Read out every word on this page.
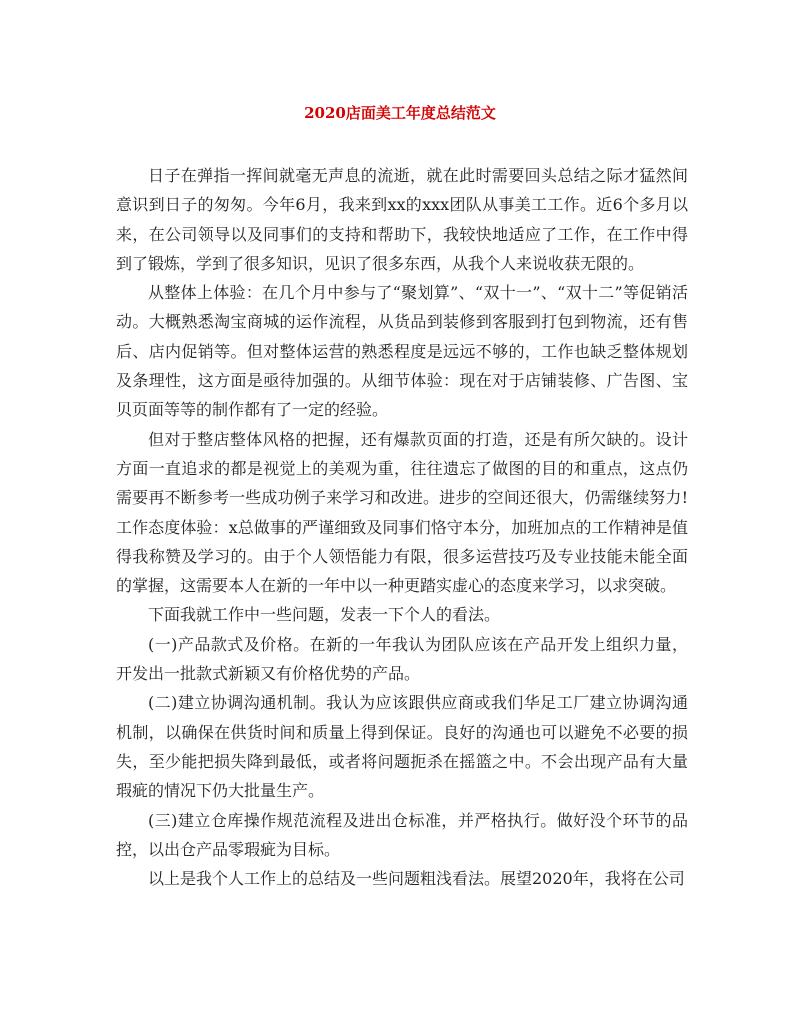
2020店面美工年度总结范文

日子在弹指一挥间就毫无声息的流逝，就在此时需要回头总结之际才猛然间意识到日子的匆匆。今年6月，我来到xx的xxx团队从事美工工作。近6个多月以来，在公司领导以及同事们的支持和帮助下，我较快地适应了工作，在工作中得到了锻炼，学到了很多知识，见识了很多东西，从我个人来说收获无限的。

从整体上体验：在几个月中参与了“聚划算”、“双十一”、“双十二”等促销活动。大概熟悉淘宝商城的运作流程，从货品到装修到客服到打包到物流，还有售后、店内促销等。但对整体运营的熟悉程度是远远不够的，工作也缺乏整体规划及条理性，这方面是亟待加强的。从细节体验：现在对于店铺装修、广告图、宝贝页面等等的制作都有了一定的经验。

但对于整店整体风格的把握，还有爆款页面的打造，还是有所欠缺的。设计方面一直追求的都是视觉上的美观为重，往往遗忘了做图的目的和重点，这点仍需要再不断参考一些成功例子来学习和改进。进步的空间还很大，仍需继续努力!工作态度体验：x总做事的严谨细致及同事们恪守本分，加班加点的工作精神是值得我称赞及学习的。由于个人领悟能力有限，很多运营技巧及专业技能未能全面的掌握，这需要本人在新的一年中以一种更踏实虚心的态度来学习，以求突破。

下面我就工作中一些问题，发表一下个人的看法。

(一)产品款式及价格。在新的一年我认为团队应该在产品开发上组织力量，开发出一批款式新颖又有价格优势的产品。

(二)建立协调沟通机制。我认为应该跟供应商或我们华足工厂建立协调沟通机制，以确保在供货时间和质量上得到保证。良好的沟通也可以避免不必要的损失，至少能把损失降到最低，或者将问题扼杀在摇篮之中。不会出现产品有大量瑕疵的情况下仍大批量生产。

(三)建立仓库操作规范流程及进出仓标准，并严格执行。做好没个环节的品控，以出仓产品零瑕疵为目标。

以上是我个人工作上的总结及一些问题粗浅看法。展望2020年，我将在公司
